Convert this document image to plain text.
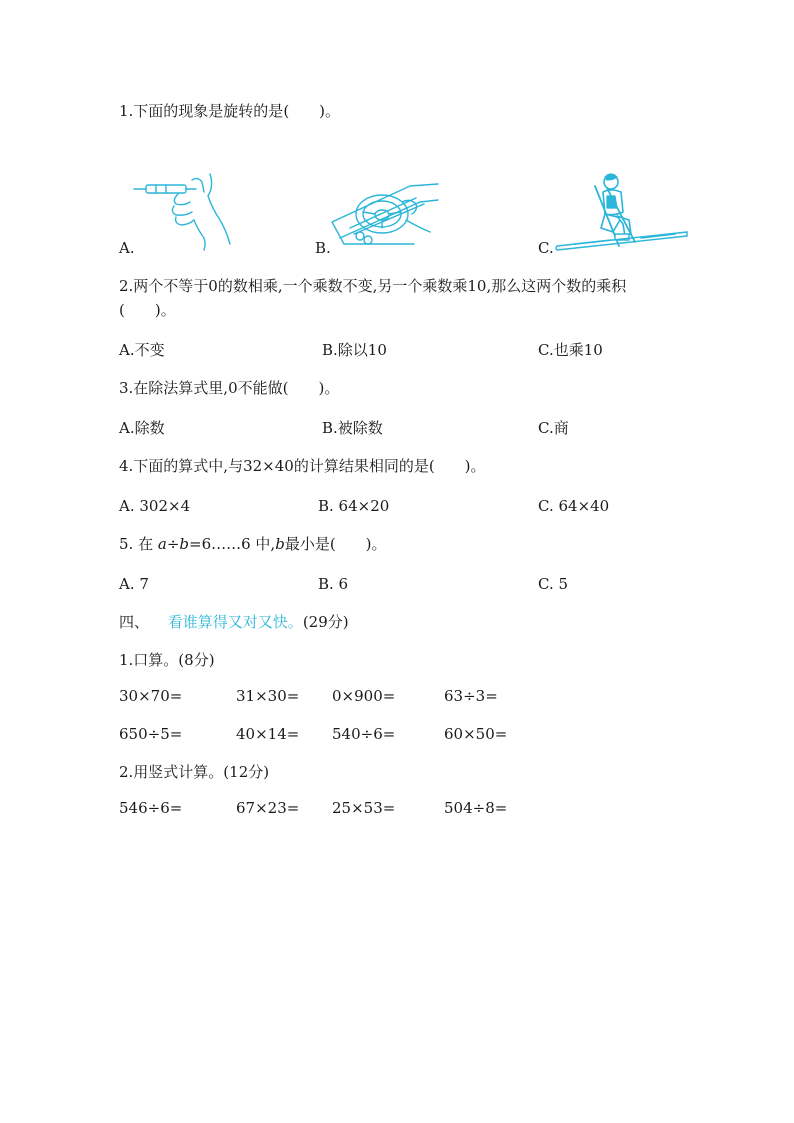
1.下面的现象是旋转的是(　　)。
A.	B.	C.
2.两个不等于0的数相乘,一个乘数不变,另一个乘数乘10,那么这两个数的乘积
(　　)。
A.不变	B.除以10	C.也乘10
3.在除法算式里,0不能做(　　)。
A.除数	B.被除数	C.商
4.下面的算式中,与32×40的计算结果相同的是(　　)。
A. 302×4	B. 64×20	C. 64×40
5. 在 a÷b=6……6 中,b最小是(　　)。
A. 7	B. 6	C. 5
四、 看谁算得又对又快。(29分)
1.口算。(8分)
30×70=	31×30= 0×900=	63÷3=
650÷5=	40×14= 540÷6=	60×50=
2.用竖式计算。(12分)
546÷6=	67×23= 25×53=	504÷8=
